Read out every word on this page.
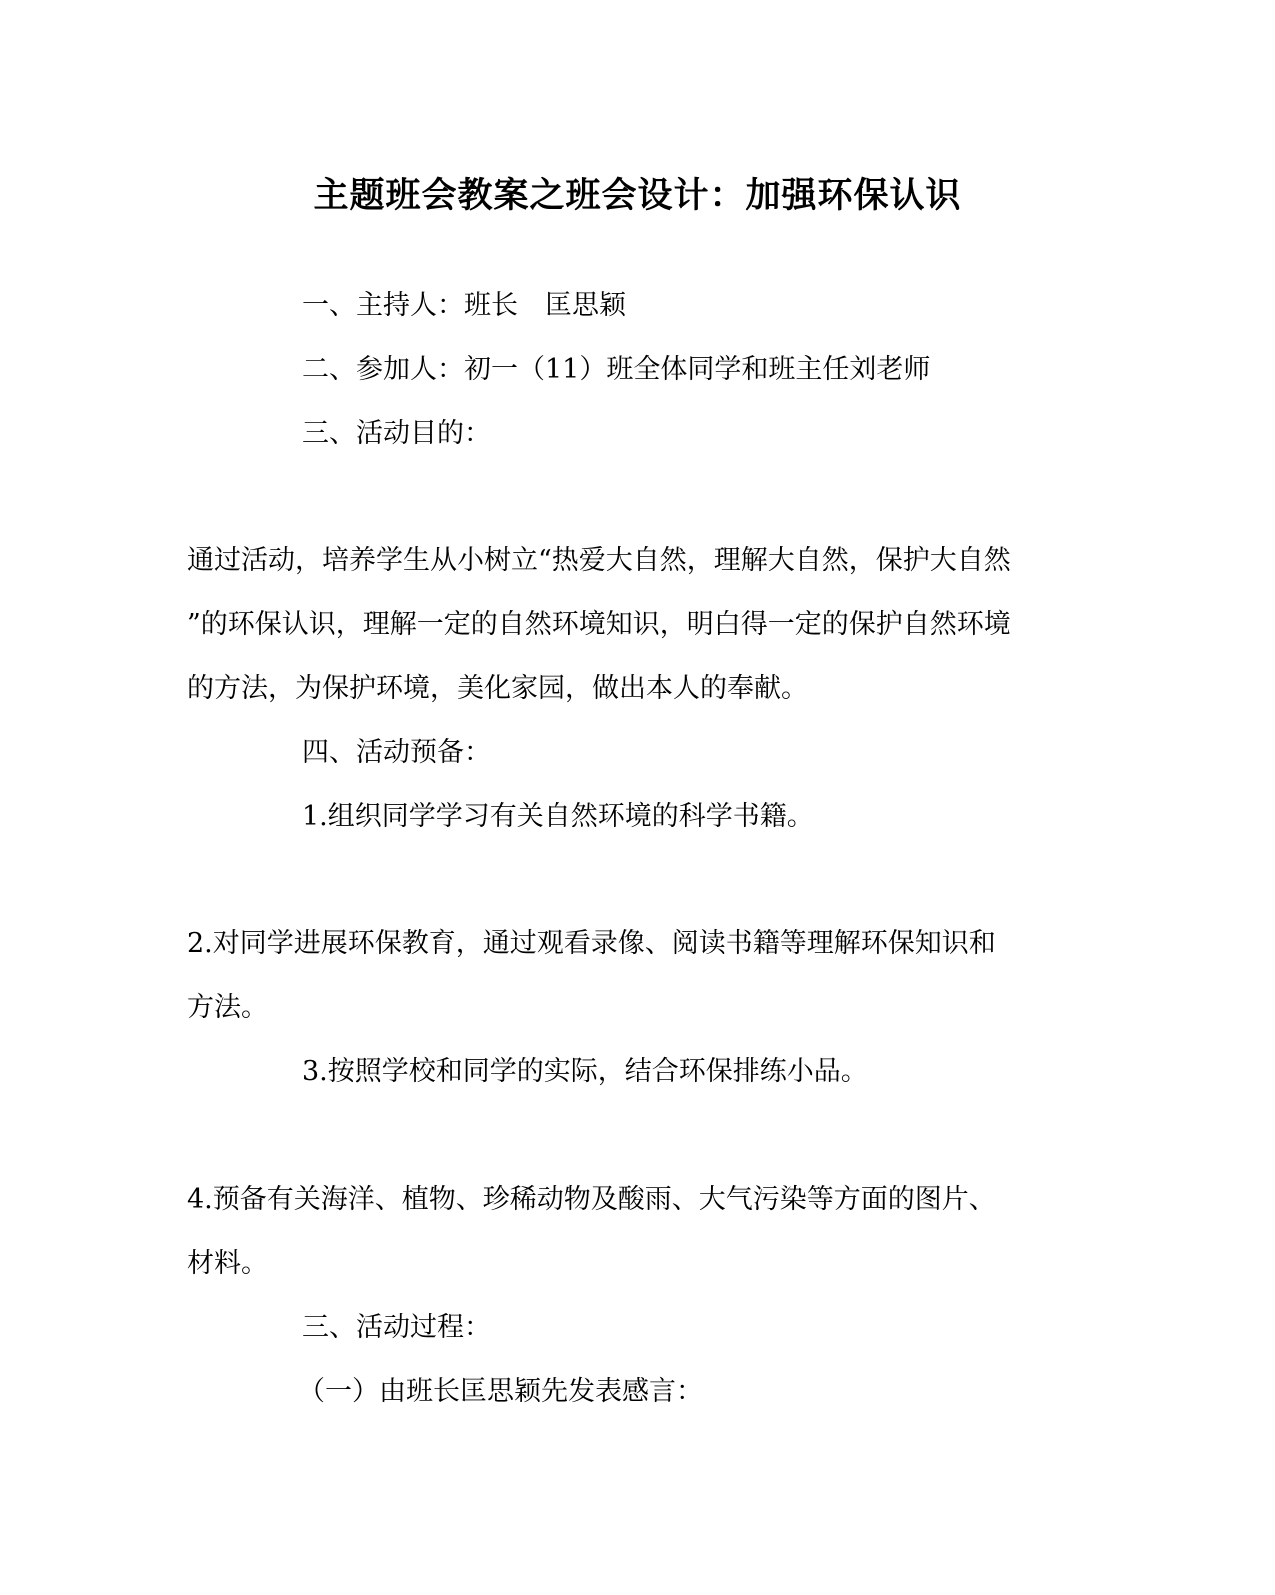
主题班会教案之班会设计：加强环保认识
一、主持人：班长　匡思颖
二、参加人：初一（11）班全体同学和班主任刘老师
三、活动目的：
通过活动，培养学生从小树立“热爱大自然，理解大自然，保护大自然
”的环保认识，理解一定的自然环境知识，明白得一定的保护自然环境
的方法，为保护环境，美化家园，做出本人的奉献。
四、活动预备：
1.组织同学学习有关自然环境的科学书籍。
2.对同学进展环保教育，通过观看录像、阅读书籍等理解环保知识和
方法。
3.按照学校和同学的实际，结合环保排练小品。
4.预备有关海洋、植物、珍稀动物及酸雨、大气污染等方面的图片、
材料。
三、活动过程：
（一）由班长匡思颖先发表感言：
